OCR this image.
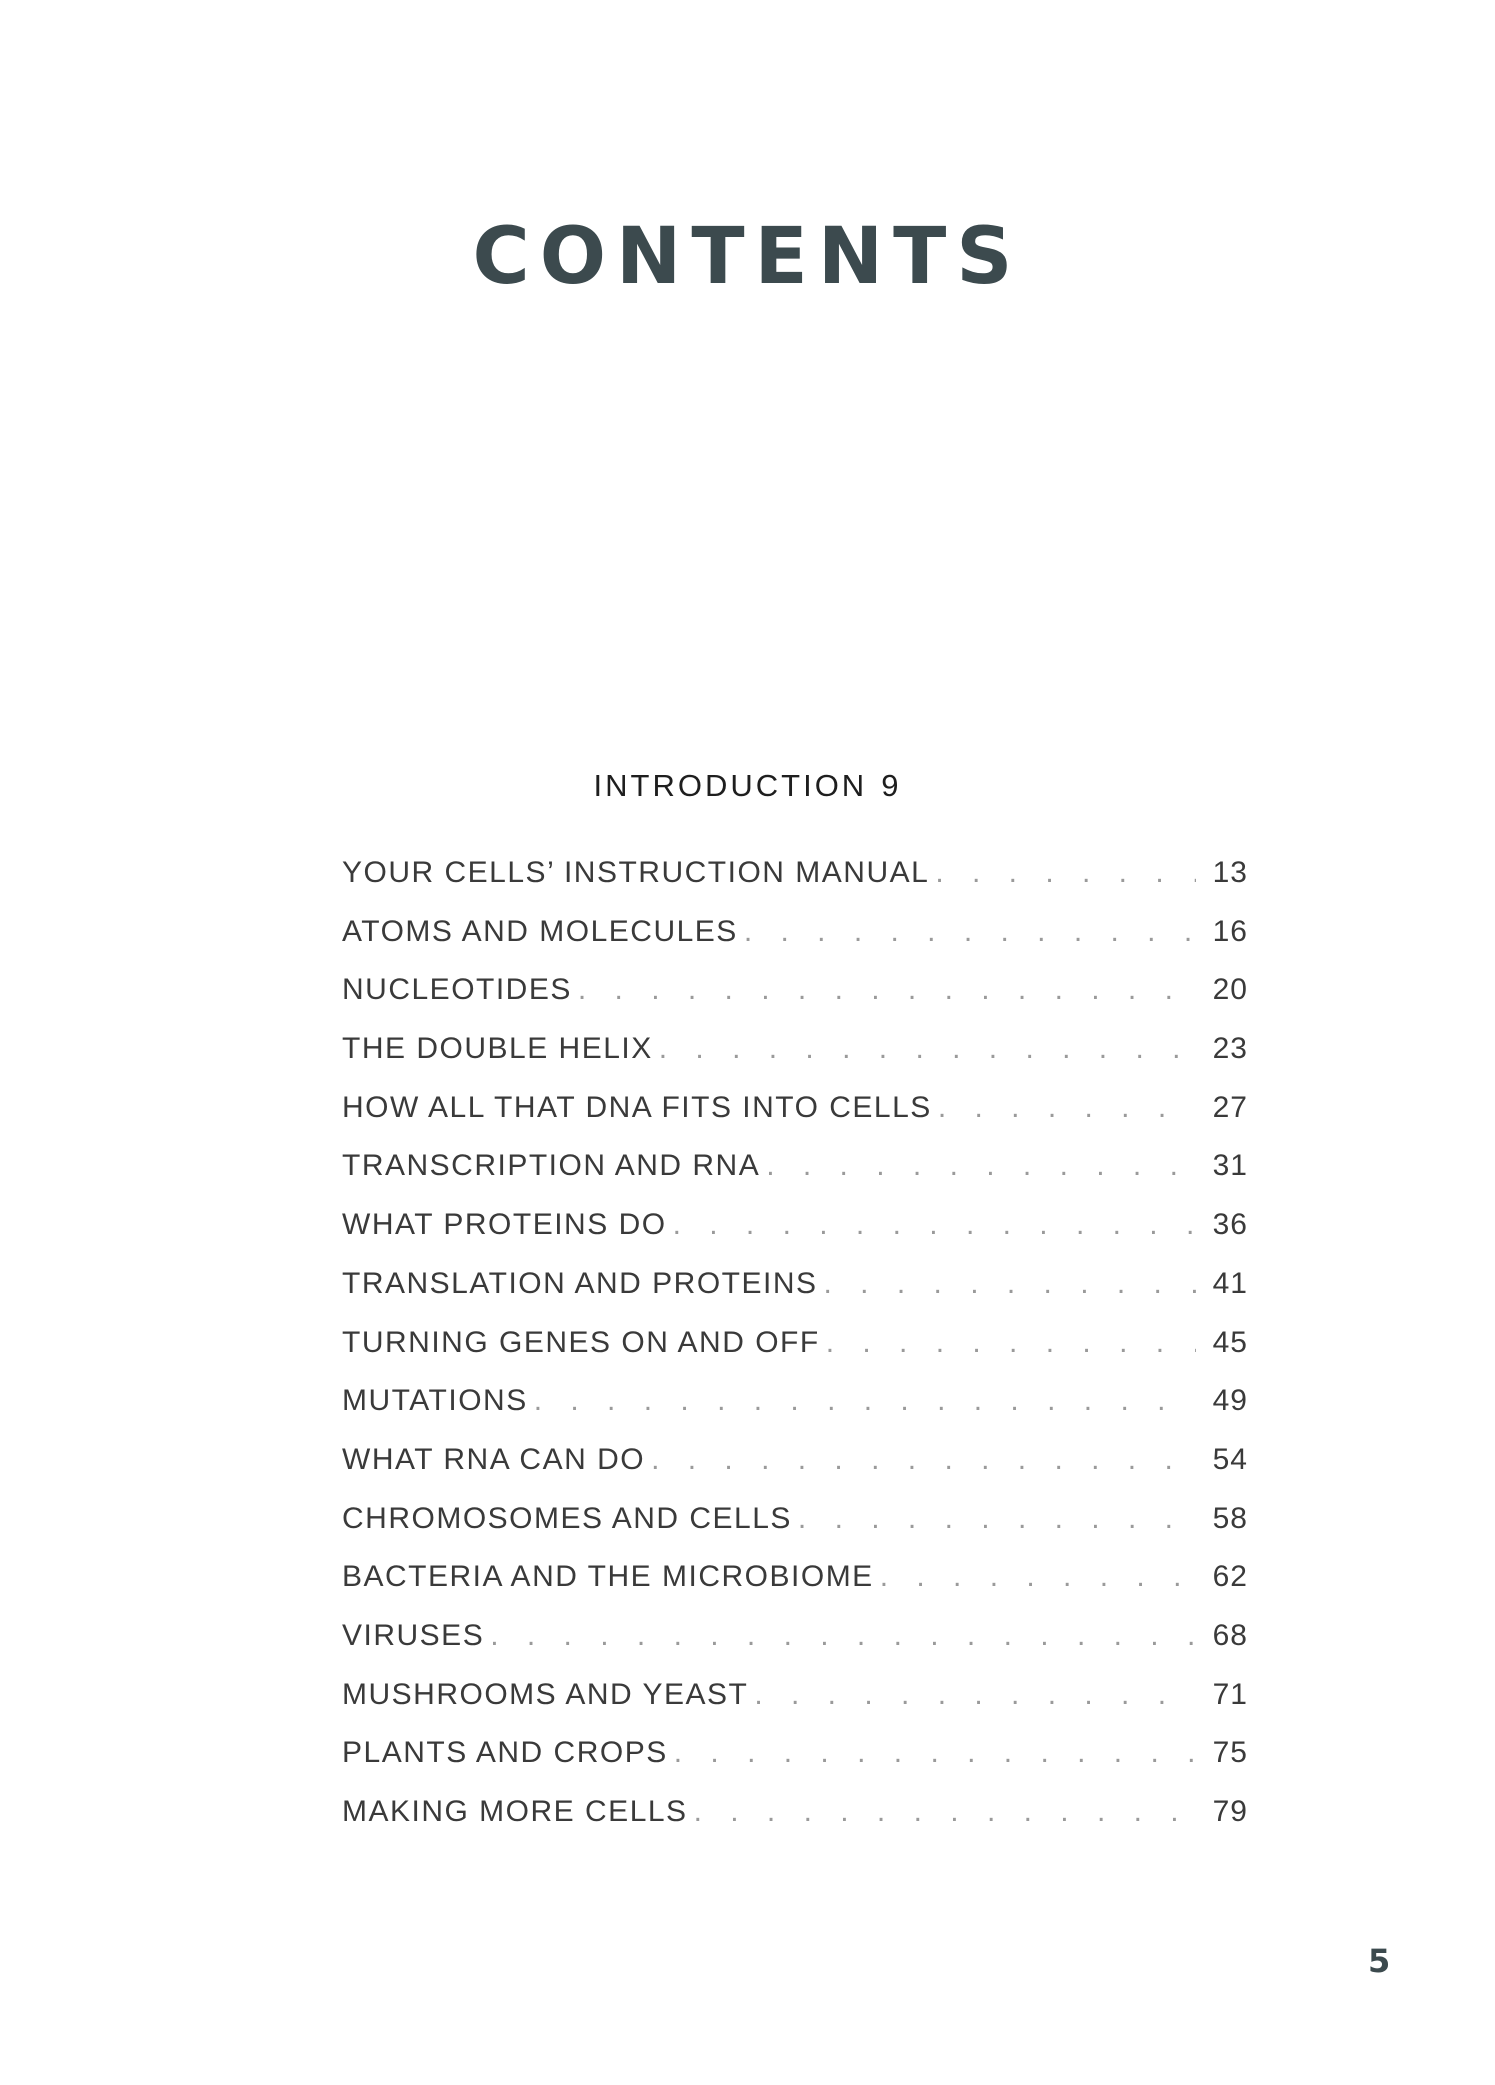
CONTENTS
INTRODUCTION 9
YOUR CELLS’ INSTRUCTION MANUAL . . .	13
ATOMS AND MOLECULES . . .	16
NUCLEOTIDES . . .	20
THE DOUBLE HELIX . . .	23
HOW ALL THAT DNA FITS INTO CELLS . . .	27
TRANSCRIPTION AND RNA . . .	31
WHAT PROTEINS DO . . .	36
TRANSLATION AND PROTEINS . . .	41
TURNING GENES ON AND OFF . . .	45
MUTATIONS . . .	49
WHAT RNA CAN DO . . .	54
CHROMOSOMES AND CELLS . . .	58
BACTERIA AND THE MICROBIOME . . .	62
VIRUSES . . .	68
MUSHROOMS AND YEAST . . .	71
PLANTS AND CROPS . . .	75
MAKING MORE CELLS . . .	79
5
